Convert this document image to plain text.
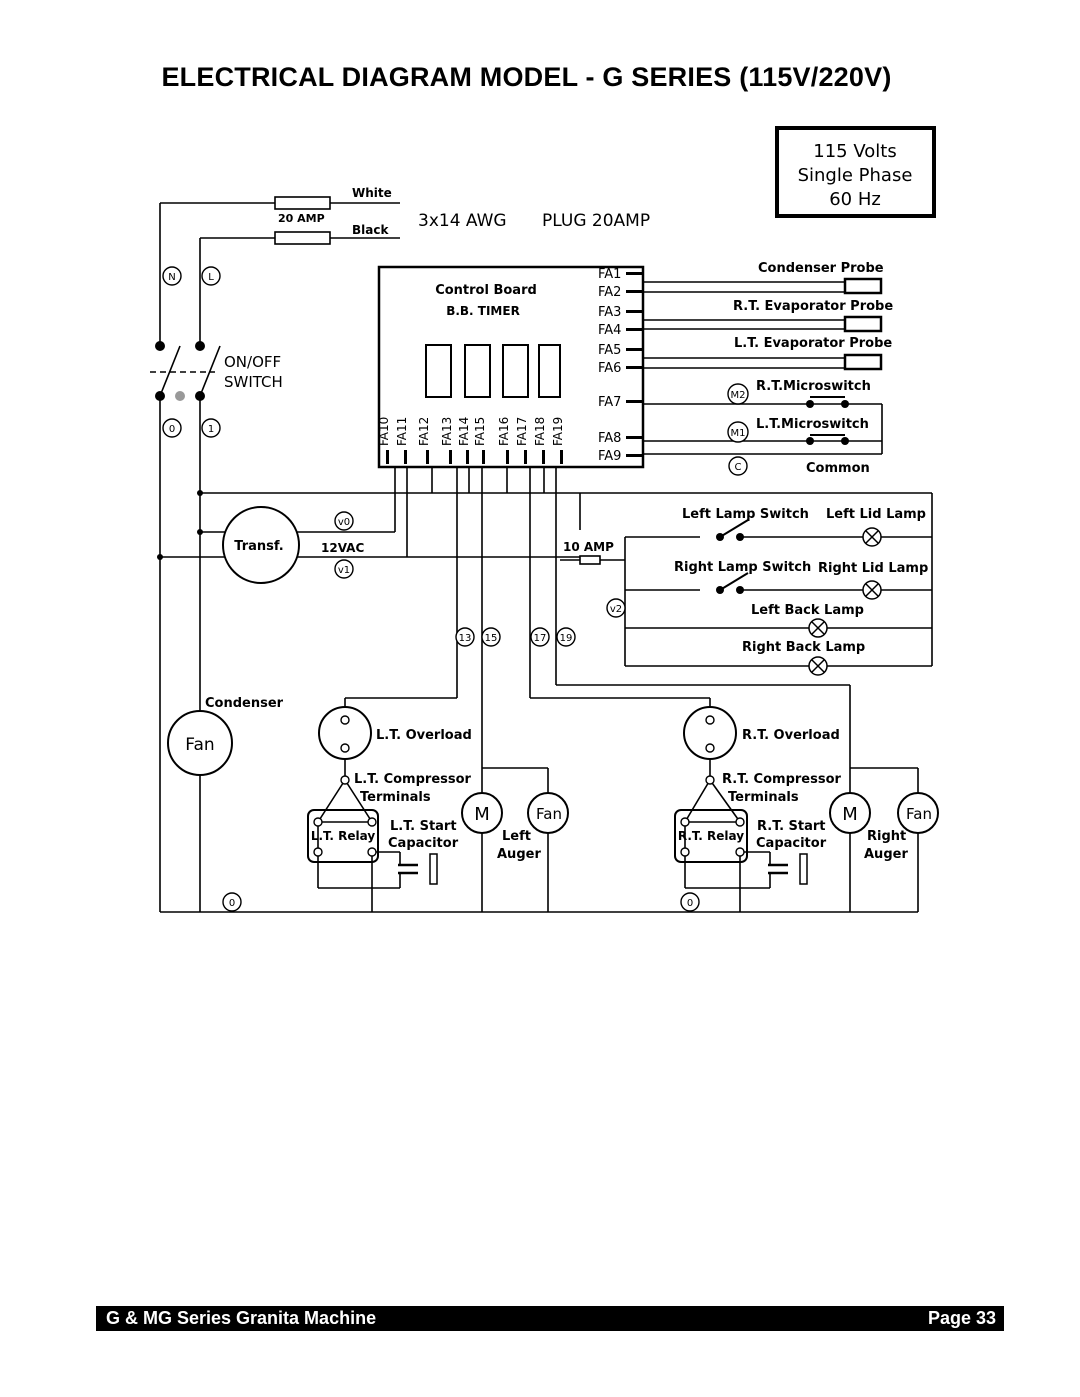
ELECTRICAL DIAGRAM MODEL - G SERIES (115V/220V)
115 Volts
Single Phase
60 Hz
White
20 AMP
Black 3x14 AWG PLUG 20AMP
N	L
0	1
v0
v1
v2
13 15	17 19
M2
M1
C
0	0
ON/OFF
SWITCH
Control Board
B.B. TIMER
FA1
FA2
FA3
FA4
FA5
FA6
FA7
FA8
FA9
FA10 FA11 FA12 FA13 FA14 FA15 FA16 FA17 FA18 FA19
Condenser Probe
R.T. Evaporator Probe
L.T. Evaporator Probe
R.T.Microswitch
L.T.Microswitch
Common
Transf.	12VAC	10 AMP
Left Lamp Switch Left Lid Lamp
Right Lamp Switch Right Lid Lamp
Left Back Lamp
Right Back Lamp
Fan
Condenser
L.T. Overload
L.T. Relay
L.T. Compressor
Terminals
L.T. Start
Capacitor
M	Fan
Left
Auger
R.T. Overload
R.T. Relay
R.T. Compressor
Terminals
R.T. Start
Capacitor
M	Fan
Right
Auger
G & MG Series Granita Machine	Page 33
